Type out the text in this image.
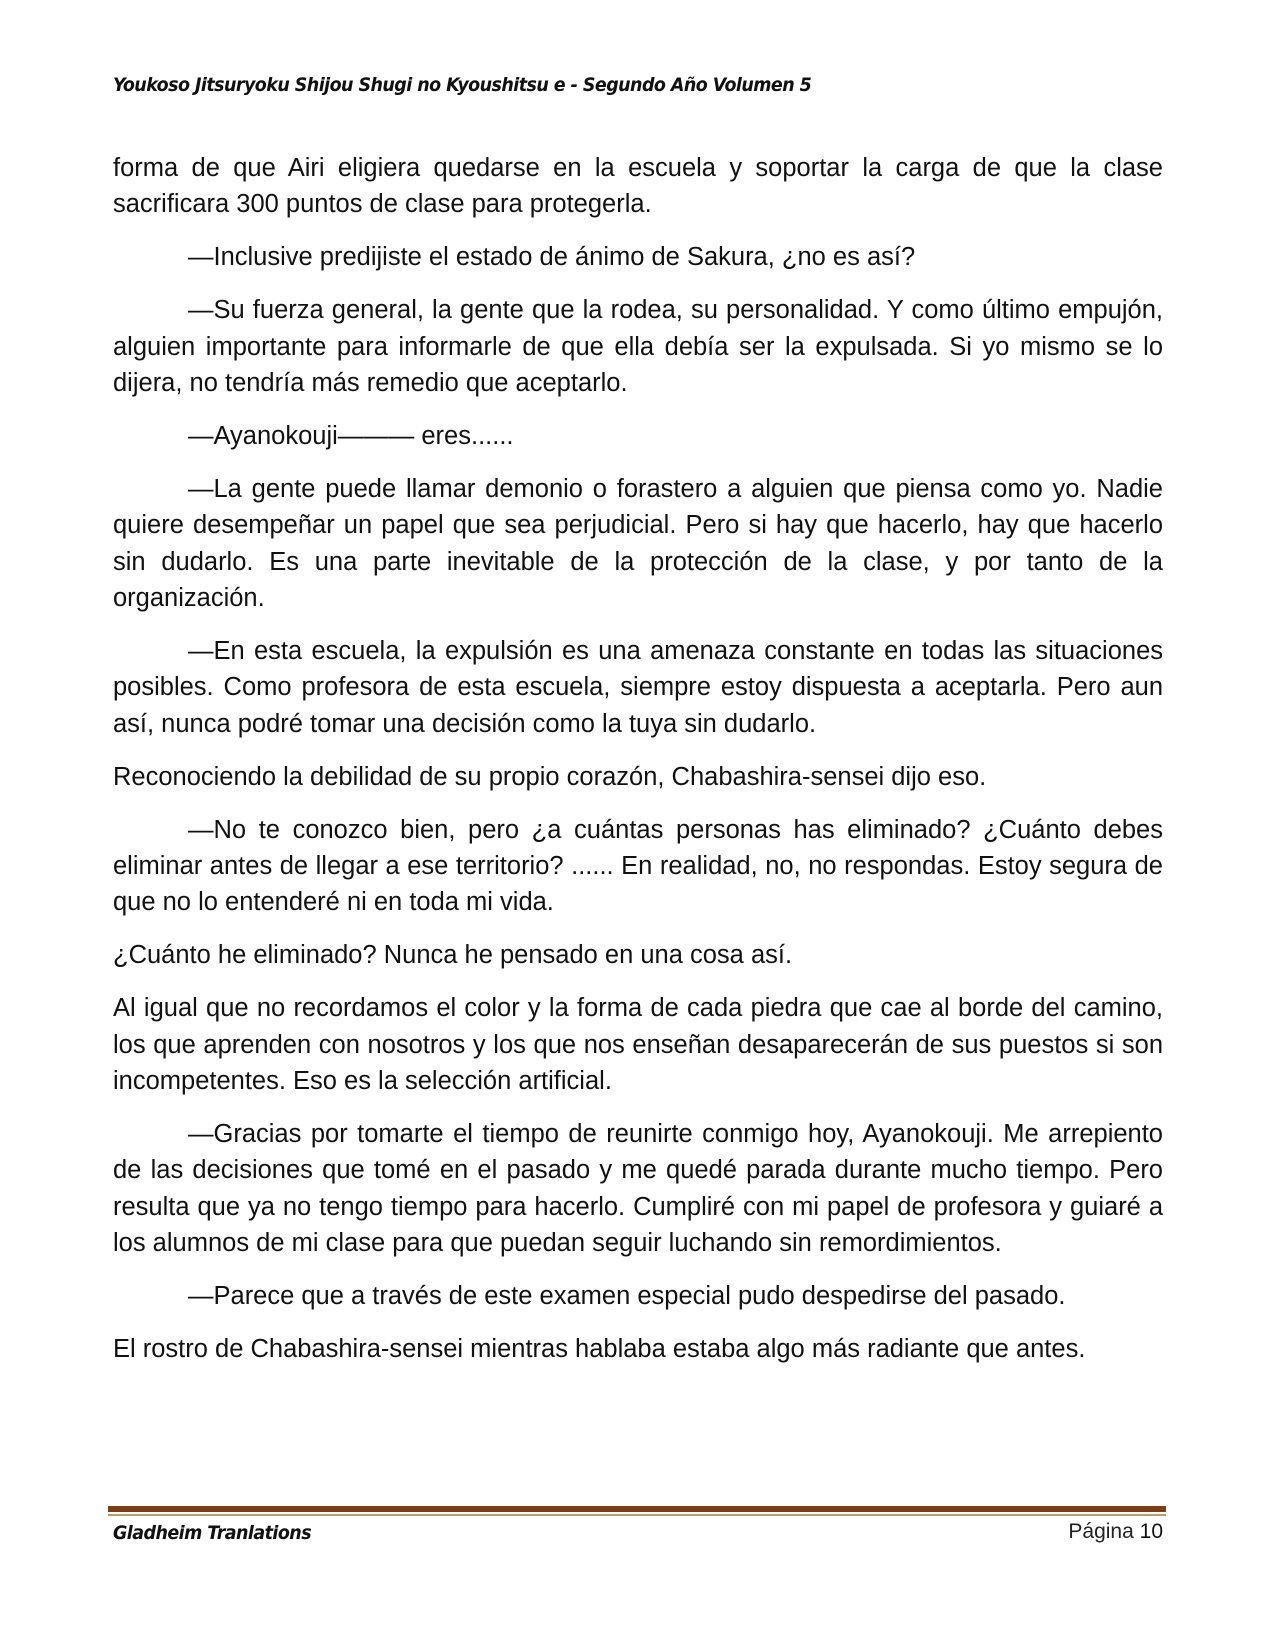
Youkoso Jitsuryoku Shijou Shugi no Kyoushitsu e - Segundo Año Volumen 5

forma de que Airi eligiera quedarse en la escuela y soportar la carga de que la clase sacrificara 300 puntos de clase para protegerla.

—Inclusive predijiste el estado de ánimo de Sakura, ¿no es así?

—Su fuerza general, la gente que la rodea, su personalidad. Y como último empujón, alguien importante para informarle de que ella debía ser la expulsada. Si yo mismo se lo dijera, no tendría más remedio que aceptarlo.

—Ayanokouji——— eres......

—La gente puede llamar demonio o forastero a alguien que piensa como yo. Nadie quiere desempeñar un papel que sea perjudicial. Pero si hay que hacerlo, hay que hacerlo sin dudarlo. Es una parte inevitable de la protección de la clase, y por tanto de la organización.

—En esta escuela, la expulsión es una amenaza constante en todas las situaciones posibles. Como profesora de esta escuela, siempre estoy dispuesta a aceptarla. Pero aun así, nunca podré tomar una decisión como la tuya sin dudarlo.

Reconociendo la debilidad de su propio corazón, Chabashira-sensei dijo eso.

—No te conozco bien, pero ¿a cuántas personas has eliminado? ¿Cuánto debes eliminar antes de llegar a ese territorio? ...... En realidad, no, no respondas. Estoy segura de que no lo entenderé ni en toda mi vida.

¿Cuánto he eliminado? Nunca he pensado en una cosa así.

Al igual que no recordamos el color y la forma de cada piedra que cae al borde del camino, los que aprenden con nosotros y los que nos enseñan desaparecerán de sus puestos si son incompetentes. Eso es la selección artificial.

—Gracias por tomarte el tiempo de reunirte conmigo hoy, Ayanokouji. Me arrepiento de las decisiones que tomé en el pasado y me quedé parada durante mucho tiempo. Pero resulta que ya no tengo tiempo para hacerlo. Cumpliré con mi papel de profesora y guiaré a los alumnos de mi clase para que puedan seguir luchando sin remordimientos.

—Parece que a través de este examen especial pudo despedirse del pasado.

El rostro de Chabashira-sensei mientras hablaba estaba algo más radiante que antes.

Gladheim Tranlations	Página 10
